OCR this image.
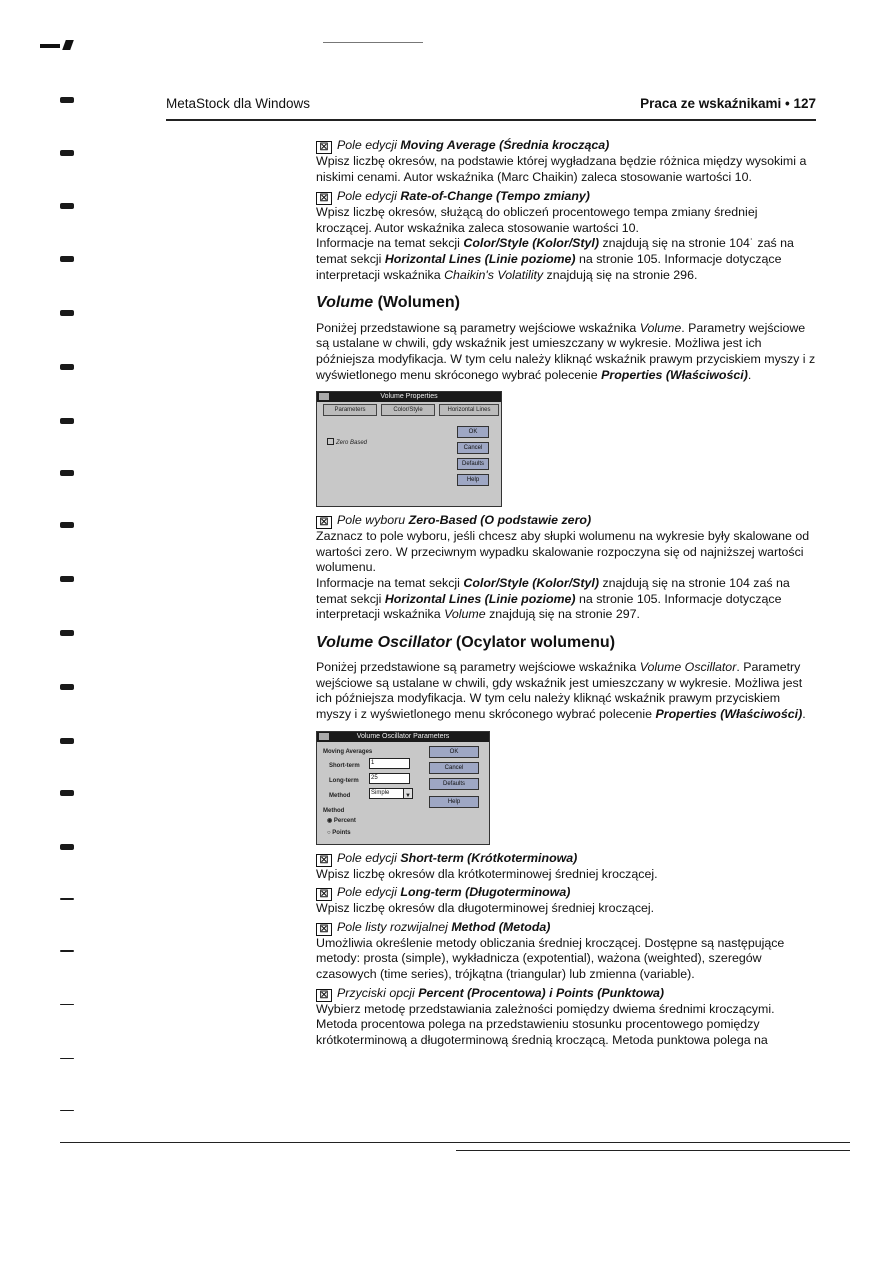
MetaStock dla Windows	Praca ze wskaźnikami • 127

☒ Pole edycji Moving Average (Średnia krocząca)

Wpisz liczbę okresów, na podstawie której wygładzana będzie różnica między wysokimi a niskimi cenami. Autor wskaźnika (Marc Chaikin) zaleca stosowanie wartości 10.

☒ Pole edycji Rate-of-Change (Tempo zmiany)

Wpisz liczbę okresów, służącą do obliczeń procentowego tempa zmiany średniej kroczącej. Autor wskaźnika zaleca stosowanie wartości 10.

Informacje na temat sekcji Color/Style (Kolor/Styl) znajdują się na stronie 104˙ zaś na temat sekcji Horizontal Lines (Linie poziome) na stronie 105. Informacje dotyczące interpretacji wskaźnika Chaikin's Volatility znajdują się na stronie 296.

Volume (Wolumen)

Poniżej przedstawione są parametry wejściowe wskaźnika Volume. Parametry wejściowe są ustalane w chwili, gdy wskaźnik jest umieszczany w wykresie. Możliwa jest ich późniejsza modyfikacja. W tym celu należy kliknąć wskaźnik prawym przyciskiem myszy i z wyświetlonego menu skróconego wybrać polecenie Properties (Właściwości).

Volume Properties
Parameters	Color/Style	Horizontal Lines
Zero Based
OK
Cancel
Defaults
Help

☒ Pole wyboru Zero-Based (O podstawie zero)

Zaznacz to pole wyboru, jeśli chcesz aby słupki wolumenu na wykresie były skalowane od wartości zero. W przeciwnym wypadku skalowanie rozpoczyna się od najniższej wartości wolumenu.

Informacje na temat sekcji Color/Style (Kolor/Styl) znajdują się na stronie 104 zaś na temat sekcji Horizontal Lines (Linie poziome) na stronie 105. Informacje dotyczące interpretacji wskaźnika Volume znajdują się na stronie 297.

Volume Oscillator (Ocylator wolumenu)

Poniżej przedstawione są parametry wejściowe wskaźnika Volume Oscillator. Parametry wejściowe są ustalane w chwili, gdy wskaźnik jest umieszczany w wykresie. Możliwa jest ich późniejsza modyfikacja. W tym celu należy kliknąć wskaźnik prawym przyciskiem myszy i z wyświetlonego menu skróconego wybrać polecenie Properties (Właściwości).

Volume Oscillator Parameters
Moving Averages
Short-term	1
Long-term	25
Method	Simple	▼
Method
◉ Percent
○ Points
OK
Cancel
Defaults
Help

☒ Pole edycji Short-term (Krótkoterminowa)

Wpisz liczbę okresów dla krótkoterminowej średniej kroczącej.

☒ Pole edycji Long-term (Długoterminowa)

Wpisz liczbę okresów dla długoterminowej średniej kroczącej.

☒ Pole listy rozwijalnej Method (Metoda)

Umożliwia określenie metody obliczania średniej kroczącej. Dostępne są następujące metody: prosta (simple), wykładnicza (expotential), ważona (weighted), szeregów czasowych (time series), trójkątna (triangular) lub zmienna (variable).

☒ Przyciski opcji Percent (Procentowa) i Points (Punktowa)

Wybierz metodę przedstawiania zależności pomiędzy dwiema średnimi kroczącymi. Metoda procentowa polega na przedstawieniu stosunku procentowego pomiędzy krótkoterminową a długoterminową średnią kroczącą. Metoda punktowa polega na
